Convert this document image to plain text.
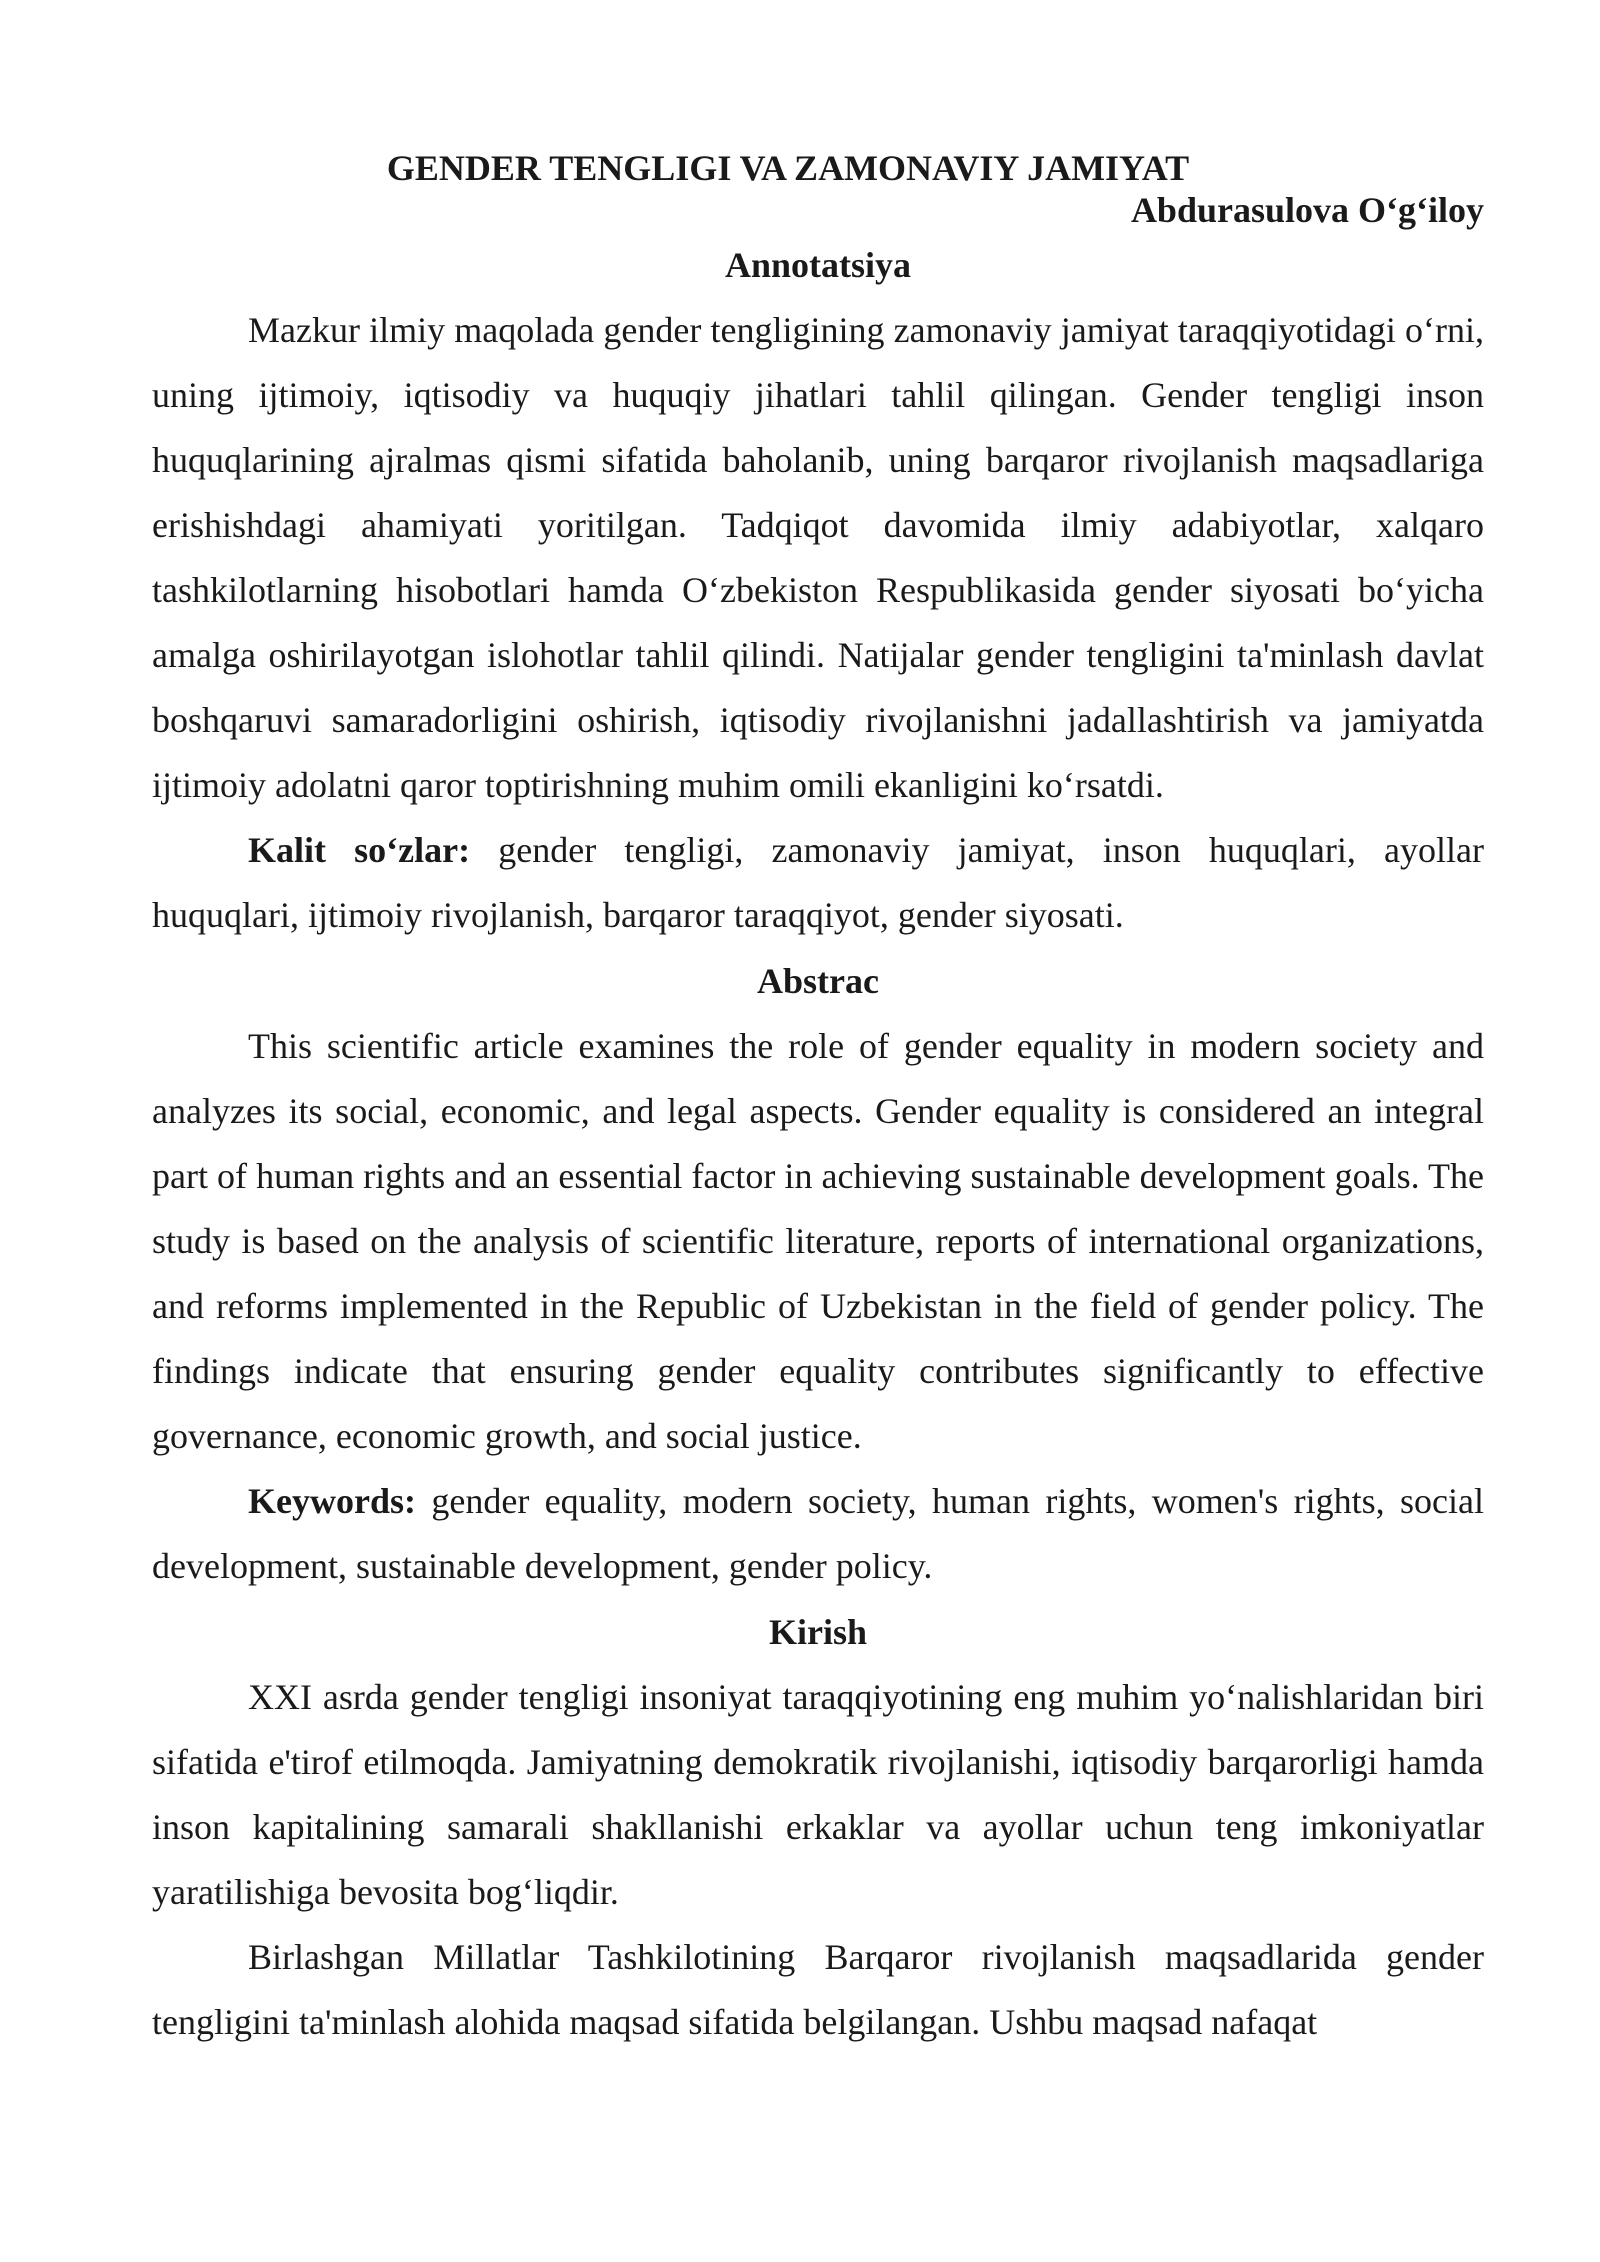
GENDER TENGLIGI VA ZAMONAVIY JAMIYAT

Abdurasulova O‘g‘iloy

Annotatsiya

Mazkur ilmiy maqolada gender tengligining zamonaviy jamiyat taraqqiyotidagi o‘rni, uning ijtimoiy, iqtisodiy va huquqiy jihatlari tahlil qilingan. Gender tengligi inson huquqlarining ajralmas qismi sifatida baholanib, uning barqaror rivojlanish maqsadlariga erishishdagi ahamiyati yoritilgan. Tadqiqot davomida ilmiy adabiyotlar, xalqaro tashkilotlarning hisobotlari hamda O‘zbekiston Respublikasida gender siyosati bo‘yicha amalga oshirilayotgan islohotlar tahlil qilindi. Natijalar gender tengligini ta'minlash davlat boshqaruvi samaradorligini oshirish, iqtisodiy rivojlanishni jadallashtirish va jamiyatda ijtimoiy adolatni qaror toptirishning muhim omili ekanligini ko‘rsatdi.

Kalit so‘zlar: gender tengligi, zamonaviy jamiyat, inson huquqlari, ayollar huquqlari, ijtimoiy rivojlanish, barqaror taraqqiyot, gender siyosati.

Abstrac

This scientific article examines the role of gender equality in modern society and analyzes its social, economic, and legal aspects. Gender equality is considered an integral part of human rights and an essential factor in achieving sustainable development goals. The study is based on the analysis of scientific literature, reports of international organizations, and reforms implemented in the Republic of Uzbekistan in the field of gender policy. The findings indicate that ensuring gender equality contributes significantly to effective governance, economic growth, and social justice.

Keywords: gender equality, modern society, human rights, women's rights, social development, sustainable development, gender policy.

Kirish

XXI asrda gender tengligi insoniyat taraqqiyotining eng muhim yo‘nalishlaridan biri sifatida e'tirof etilmoqda. Jamiyatning demokratik rivojlanishi, iqtisodiy barqarorligi hamda inson kapitalining samarali shakllanishi erkaklar va ayollar uchun teng imkoniyatlar yaratilishiga bevosita bog‘liqdir.

Birlashgan Millatlar Tashkilotining Barqaror rivojlanish maqsadlarida gender tengligini ta'minlash alohida maqsad sifatida belgilangan. Ushbu maqsad nafaqat
